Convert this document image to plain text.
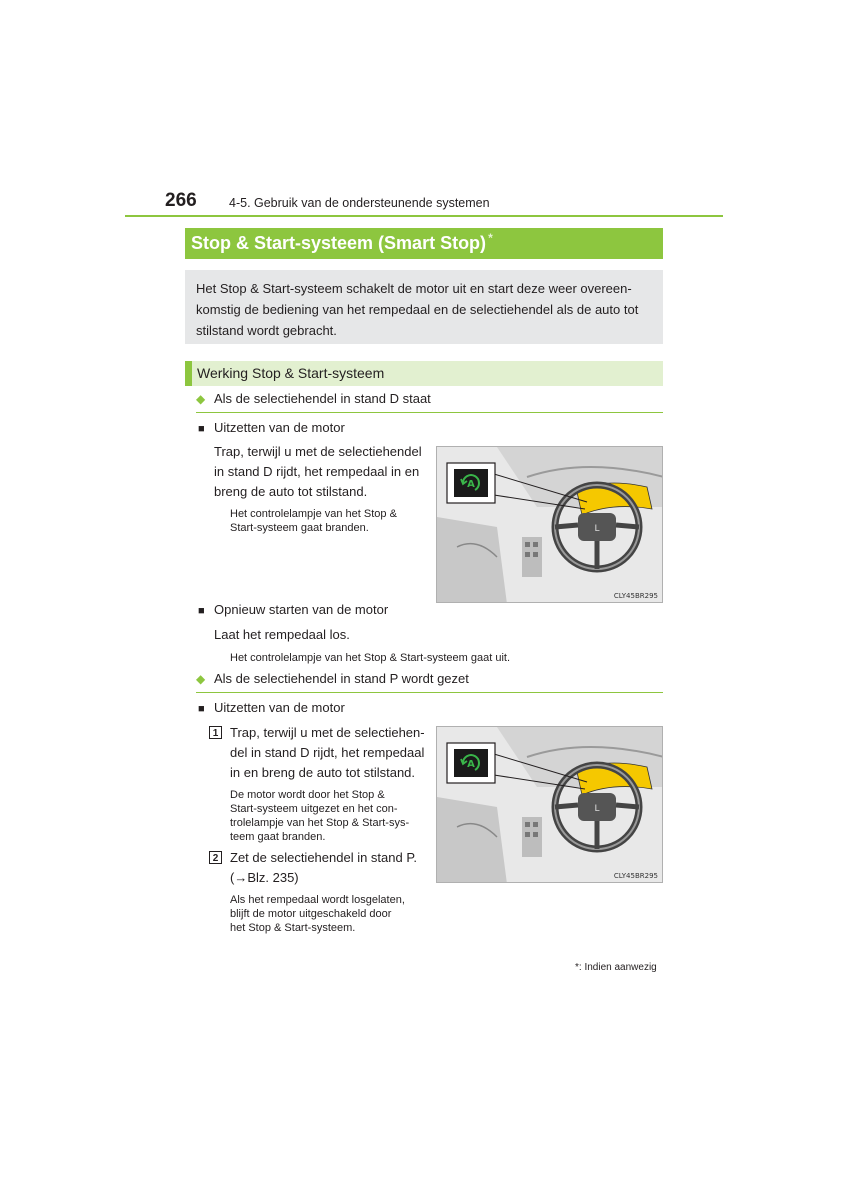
266	4-5. Gebruik van de ondersteunende systemen
Stop & Start-systeem (Smart Stop) *
Het Stop & Start-systeem schakelt de motor uit en start deze weer overeen-
komstig de bediening van het rempedaal en de selectiehendel als de auto tot
stilstand wordt gebracht.
Werking Stop & Start-systeem
◆ Als de selectiehendel in stand D staat
■ Uitzetten van de motor
Trap, terwijl u met de selectiehendel
in stand D rijdt, het rempedaal in en
breng de auto tot stilstand.
Het controlelampje van het Stop &
Start-systeem gaat branden.	L
A
CLY45BR295
■ Opnieuw starten van de motor
Laat het rempedaal los.
Het controlelampje van het Stop & Start-systeem gaat uit.
◆ Als de selectiehendel in stand P wordt gezet
■ Uitzetten van de motor
1 Trap, terwijl u met de selectiehen-
del in stand D rijdt, het rempedaal
in en breng de auto tot stilstand.
De motor wordt door het Stop &
Start-systeem uitgezet en het con-
trolelampje van het Stop & Start-sys-
teem gaat branden.
2 Zet de selectiehendel in stand P.
(→Blz. 235)
Als het rempedaal wordt losgelaten,
blijft de motor uitgeschakeld door
het Stop & Start-systeem.
L
A
CLY45BR295
*: Indien aanwezig
